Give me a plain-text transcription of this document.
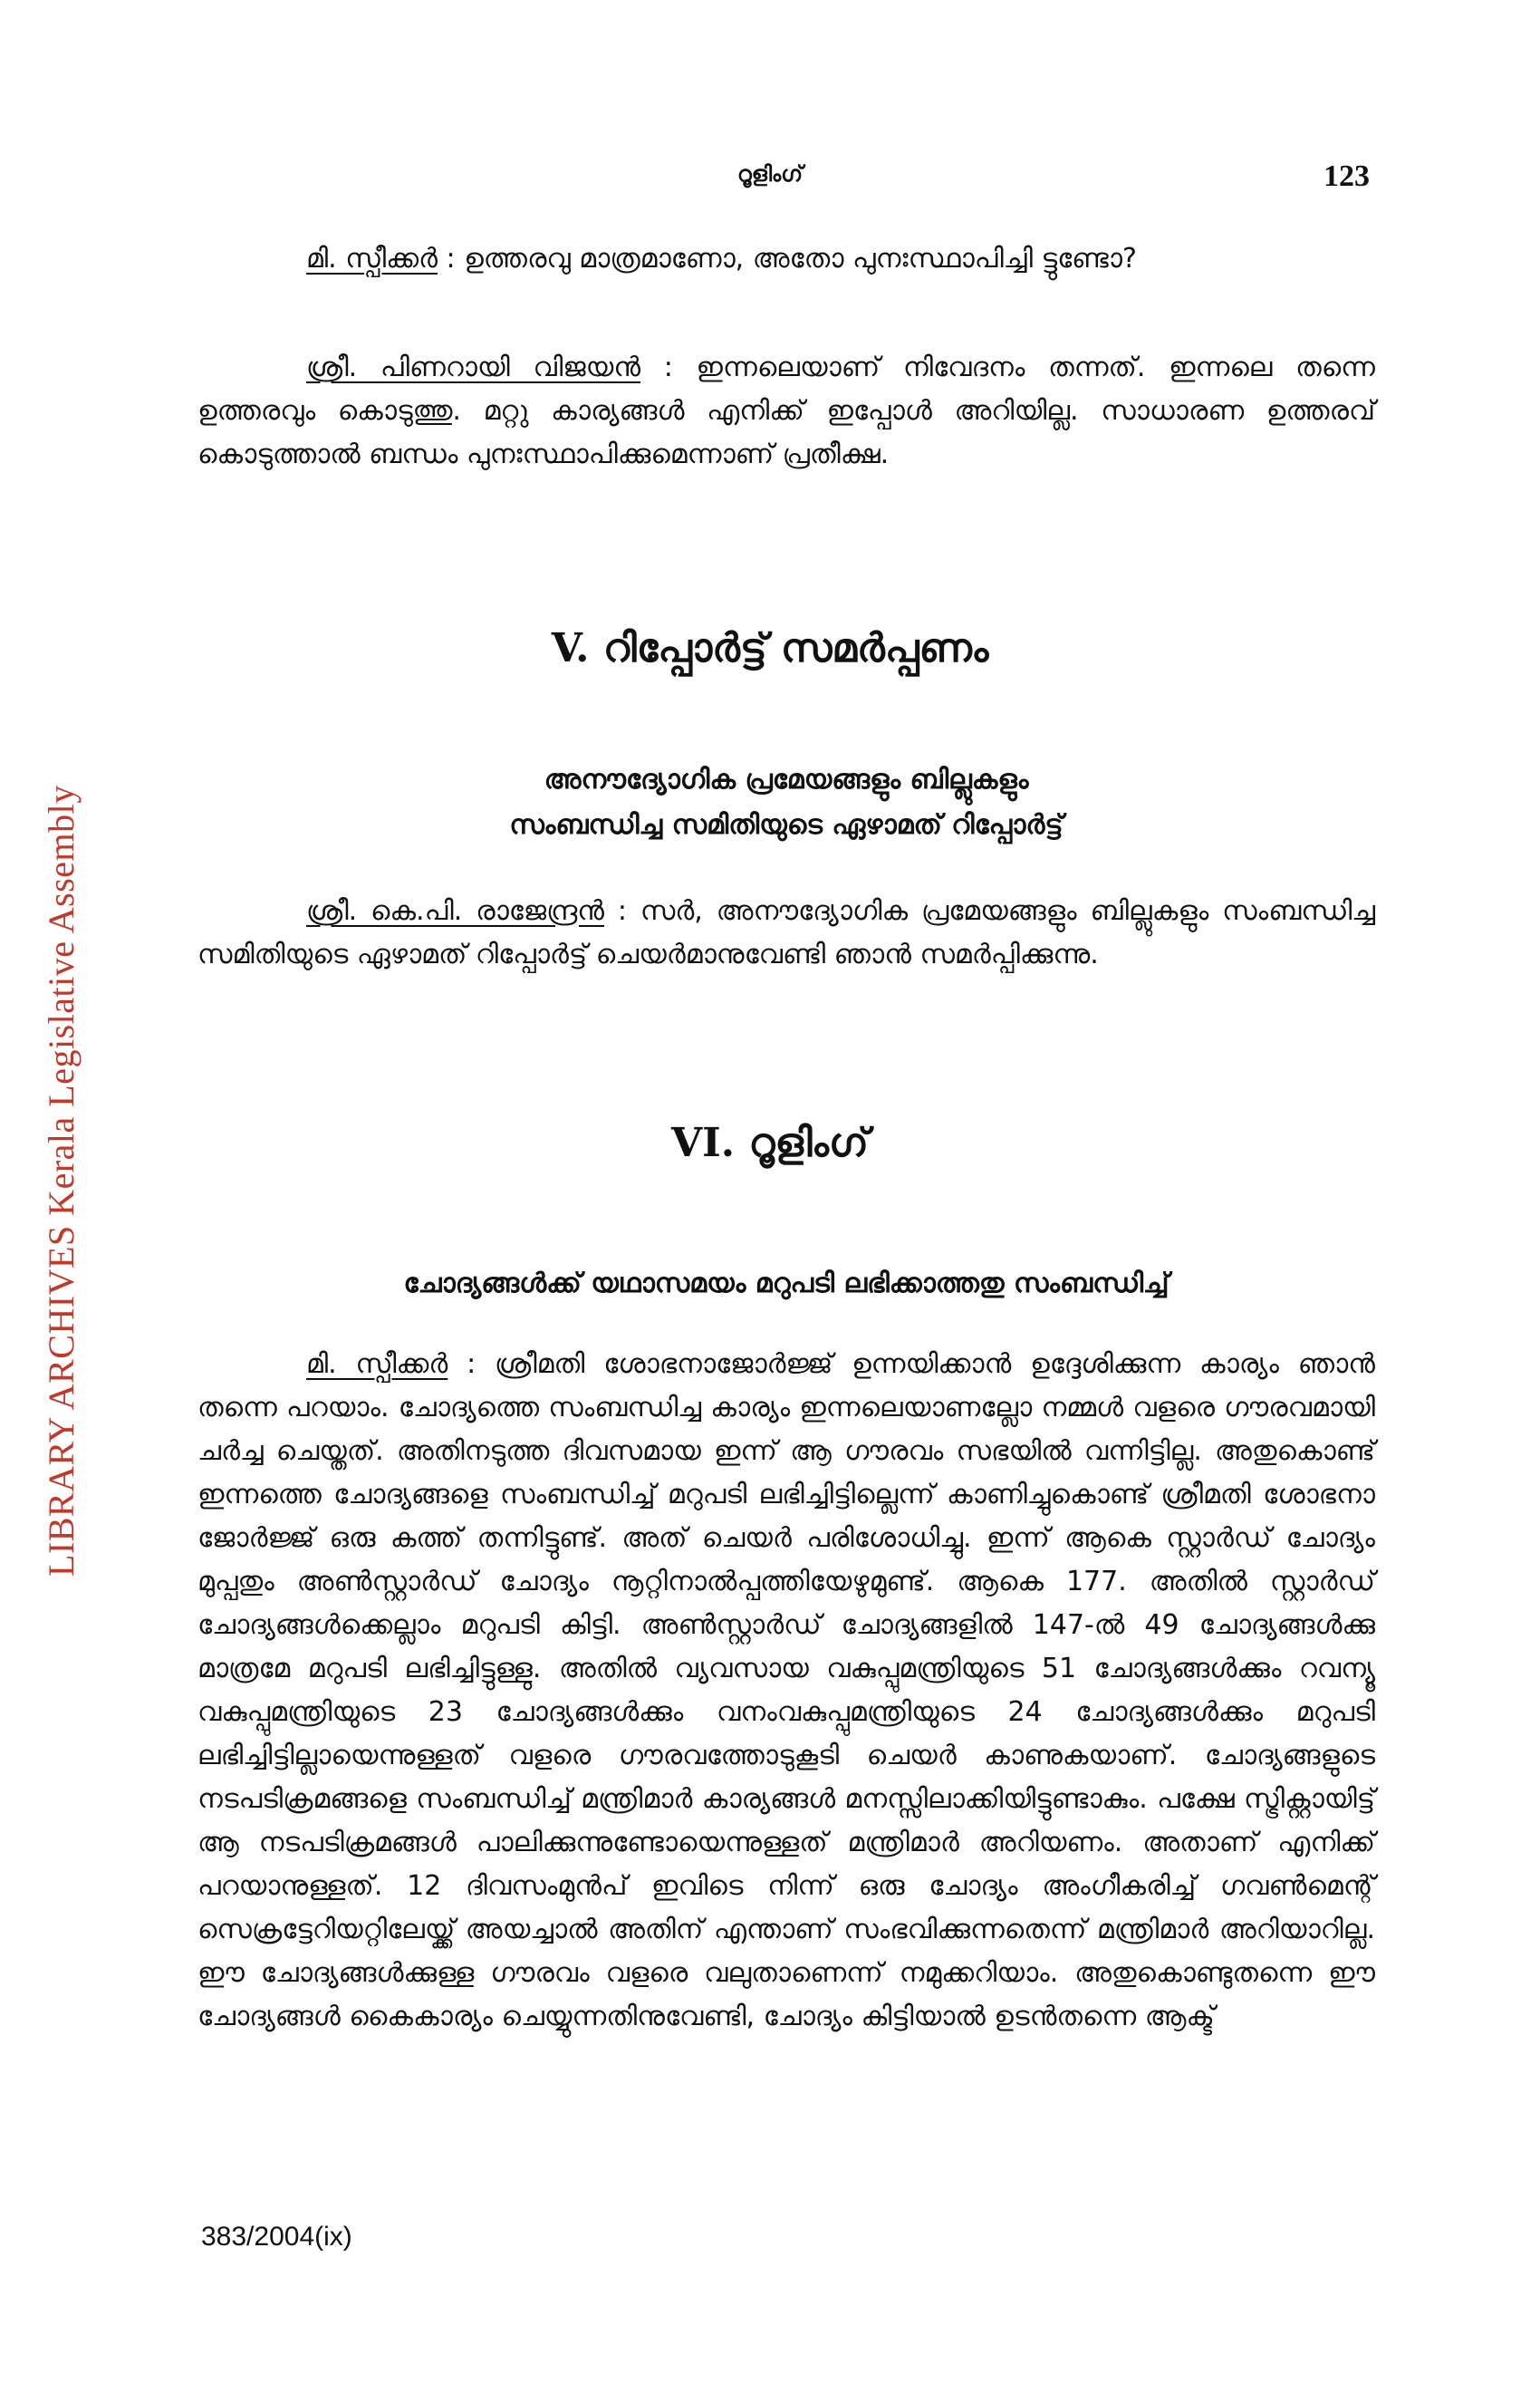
LIBRARY ARCHIVES Kerala Legislative Assembly
റൂളിംഗ്	123

മി. സ്പീക്കർ : ഉത്തരവു മാത്രമാണോ, അതോ പുനഃസ്ഥാപിച്ചി ട്ടുണ്ടോ?

ശ്രീ. പിണറായി വിജയൻ : ഇന്നലെയാണ് നിവേദനം തന്നത്. ഇന്നലെ തന്നെ ഉത്തരവും കൊടുത്തു. മറ്റു കാര്യങ്ങൾ എനിക്ക് ഇപ്പോൾ അറിയില്ല. സാധാരണ ഉത്തരവ് കൊടുത്താൽ ബന്ധം പുനഃസ്ഥാപിക്കുമെന്നാണ് പ്രതീക്ഷ.

V. റിപ്പോർട്ട് സമർപ്പണം
അനൗദ്യോഗിക പ്രമേയങ്ങളും ബില്ലുകളും
സംബന്ധിച്ച സമിതിയുടെ ഏഴാമത് റിപ്പോർട്ട്

ശ്രീ. കെ.പി. രാജേന്ദ്രൻ : സർ, അനൗദ്യോഗിക പ്രമേയങ്ങളും ബില്ലുകളും സംബന്ധിച്ച സമിതിയുടെ ഏഴാമത് റിപ്പോർട്ട് ചെയർമാനുവേണ്ടി ഞാൻ സമർപ്പിക്കുന്നു.

VI. റൂളിംഗ്
ചോദ്യങ്ങൾക്ക് യഥാസമയം മറുപടി ലഭിക്കാത്തതു സംബന്ധിച്ച്

മി. സ്പീക്കർ : ശ്രീമതി ശോഭനാജോർജ്ജ് ഉന്നയിക്കാൻ ഉദ്ദേശിക്കുന്ന കാര്യം ഞാൻ തന്നെ പറയാം. ചോദ്യത്തെ സംബന്ധിച്ച കാര്യം ഇന്നലെയാണല്ലോ നമ്മൾ വളരെ ഗൗരവമായി ചർച്ച ചെയ്തത്. അതിനടുത്ത ദിവസമായ ഇന്ന് ആ ഗൗരവം സഭയിൽ വന്നിട്ടില്ല. അതുകൊണ്ട് ഇന്നത്തെ ചോദ്യങ്ങളെ സംബന്ധിച്ച് മറുപടി ലഭിച്ചിട്ടില്ലെന്ന് കാണിച്ചുകൊണ്ട് ശ്രീമതി ശോഭനാ ജോർജ്ജ് ഒരു കത്ത് തന്നിട്ടുണ്ട്. അത് ചെയർ പരിശോധിച്ചു. ഇന്ന് ആകെ സ്റ്റാർഡ് ചോദ്യം മുപ്പതും അൺസ്റ്റാർഡ് ചോദ്യം നൂറ്റിനാൽപ്പത്തിയേഴുമുണ്ട്. ആകെ 177. അതിൽ സ്റ്റാർഡ് ചോദ്യങ്ങൾക്കെല്ലാം മറുപടി കിട്ടി. അൺസ്റ്റാർഡ് ചോദ്യങ്ങളിൽ 147-ൽ 49 ചോദ്യങ്ങൾക്കു മാത്രമേ മറുപടി ലഭിച്ചിട്ടുള്ളു. അതിൽ വ്യവസായ വകുപ്പുമന്ത്രിയുടെ 51 ചോദ്യങ്ങൾക്കും റവന്യൂ വകുപ്പുമന്ത്രിയുടെ 23 ചോദ്യങ്ങൾക്കും വനംവകുപ്പുമന്ത്രിയുടെ 24 ചോദ്യങ്ങൾക്കും മറുപടി ലഭിച്ചിട്ടില്ലായെന്നുള്ളത് വളരെ ഗൗരവത്തോടുകൂടി ചെയർ കാണുകയാണ്. ചോദ്യങ്ങളുടെ നടപടിക്രമങ്ങളെ സംബന്ധിച്ച് മന്ത്രിമാർ കാര്യങ്ങൾ മനസ്സിലാക്കിയിട്ടുണ്ടാകും. പക്ഷേ സ്ട്രിക്റ്റായിട്ട് ആ നടപടിക്രമങ്ങൾ പാലിക്കുന്നുണ്ടോയെന്നുള്ളത് മന്ത്രിമാർ അറിയണം. അതാണ് എനിക്ക് പറയാനുള്ളത്. 12 ദിവസംമുൻപ് ഇവിടെ നിന്ന് ഒരു ചോദ്യം അംഗീകരിച്ച് ഗവൺമെന്റ് സെക്രട്ടേറിയറ്റിലേയ്ക്ക് അയച്ചാൽ അതിന് എന്താണ് സംഭവിക്കുന്നതെന്ന് മന്ത്രിമാർ അറിയാറില്ല. ഈ ചോദ്യങ്ങൾക്കുള്ള ഗൗരവം വളരെ വലുതാണെന്ന് നമുക്കറിയാം. അതുകൊണ്ടുതന്നെ ഈ ചോദ്യങ്ങൾ കൈകാര്യം ചെയ്യുന്നതിനുവേണ്ടി, ചോദ്യം കിട്ടിയാൽ ഉടൻതന്നെ ആക്ട്

383/2004(ix)
